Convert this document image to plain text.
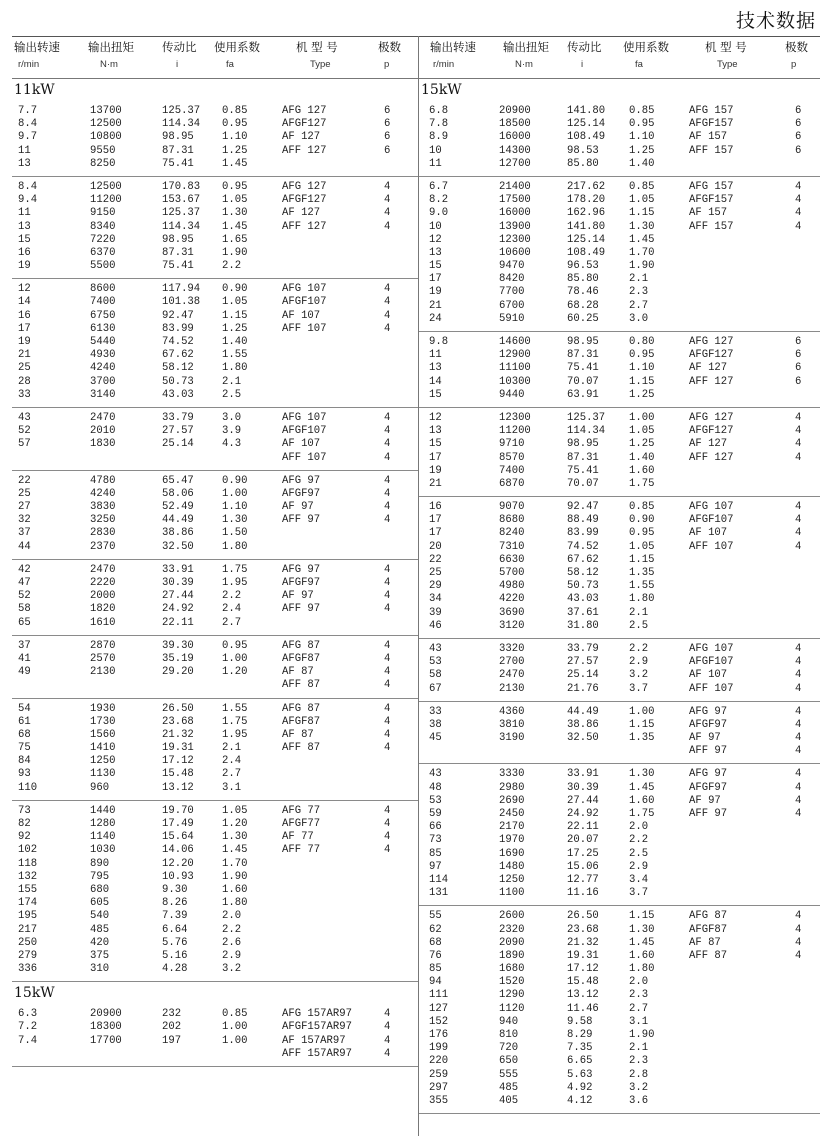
技术数据
输出转速
r/min
输出扭矩
N·m
传动比
i
使用系数
fa
机 型 号
Type
极数
p
11kW
7.7	13700	125.37 0.85	AFG 127	6
8.4	12500	114.34 0.95	AFGF127	6
9.7	10800	98.95	1.10	AF 127	6
11	9550	87.31	1.25	AFF 127	6
13	8250	75.41	1.45
8.4	12500	170.83 0.95	AFG 127	4
9.4	11200	153.67 1.05	AFGF127	4
11	9150	125.37 1.30	AF 127	4
13	8340	114.34 1.45	AFF 127	4
15	7220	98.95	1.65
16	6370	87.31	1.90
19	5500	75.41	2.2
12	8600	117.94 0.90	AFG 107	4
14	7400	101.38 1.05	AFGF107	4
16	6750	92.47	1.15	AF 107	4
17	6130	83.99	1.25	AFF 107	4
19	5440	74.52	1.40
21	4930	67.62	1.55
25	4240	58.12	1.80
28	3700	50.73	2.1
33	3140	43.03	2.5
43	2470	33.79	3.0	AFG 107	4
52	2010	27.57	3.9	AFGF107	4
57	1830	25.14	4.3	AF 107	4
AFF 107	4
22	4780	65.47	0.90	AFG 97	4
25	4240	58.06	1.00	AFGF97	4
27	3830	52.49	1.10	AF 97	4
32	3250	44.49	1.30	AFF 97	4
37	2830	38.86	1.50
44	2370	32.50	1.80
42	2470	33.91	1.75	AFG 97	4
47	2220	30.39	1.95	AFGF97	4
52	2000	27.44	2.2	AF 97	4
58	1820	24.92	2.4	AFF 97	4
65	1610	22.11	2.7
37	2870	39.30	0.95	AFG 87	4
41	2570	35.19	1.00	AFGF87	4
49	2130	29.20	1.20	AF 87	4
AFF 87	4
54	1930	26.50	1.55	AFG 87	4
61	1730	23.68	1.75	AFGF87	4
68	1560	21.32	1.95	AF 87	4
75	1410	19.31	2.1	AFF 87	4
84	1250	17.12	2.4
93	1130	15.48	2.7
110	960	13.12	3.1
73	1440	19.70	1.05	AFG 77	4
82	1280	17.49	1.20	AFGF77	4
92	1140	15.64	1.30	AF 77	4
102	1030	14.06	1.45	AFF 77	4
118	890	12.20	1.70
132	795	10.93	1.90
155	680	9.30	1.60
174	605	8.26	1.80
195	540	7.39	2.0
217	485	6.64	2.2
250	420	5.76	2.6
279	375	5.16	2.9
336	310	4.28	3.2
15kW
6.3	20900	232	0.85	AFG 157AR97	4
7.2	18300	202	1.00	AFGF157AR97	4
7.4	17700	197	1.00	AF 157AR97	4
AFF 157AR97	4
输出转速
r/min
输出扭矩
N·m
传动比
i
使用系数
fa
机 型 号
Type
极数
p
15kW
6.8	20900	141.80 0.85	AFG 157	6
7.8	18500	125.14 0.95	AFGF157	6
8.9	16000	108.49 1.10	AF 157	6
10	14300	98.53	1.25	AFF 157	6
11	12700	85.80	1.40
6.7	21400	217.62 0.85	AFG 157	4
8.2	17500	178.20 1.05	AFGF157	4
9.0	16000	162.96 1.15	AF 157	4
10	13900	141.80 1.30	AFF 157	4
12	12300	125.14 1.45
13	10600	108.49 1.70
15	9470	96.53	1.90
17	8420	85.80	2.1
19	7700	78.46	2.3
21	6700	68.28	2.7
24	5910	60.25	3.0
9.8	14600	98.95	0.80	AFG 127	6
11	12900	87.31	0.95	AFGF127	6
13	11100	75.41	1.10	AF 127	6
14	10300	70.07	1.15	AFF 127	6
15	9440	63.91	1.25
12	12300	125.37 1.00	AFG 127	4
13	11200	114.34 1.05	AFGF127	4
15	9710	98.95	1.25	AF 127	4
17	8570	87.31	1.40	AFF 127	4
19	7400	75.41	1.60
21	6870	70.07	1.75
16	9070	92.47	0.85	AFG 107	4
17	8680	88.49	0.90	AFGF107	4
17	8240	83.99	0.95	AF 107	4
20	7310	74.52	1.05	AFF 107	4
22	6630	67.62	1.15
25	5700	58.12	1.35
29	4980	50.73	1.55
34	4220	43.03	1.80
39	3690	37.61	2.1
46	3120	31.80	2.5
43	3320	33.79	2.2	AFG 107	4
53	2700	27.57	2.9	AFGF107	4
58	2470	25.14	3.2	AF 107	4
67	2130	21.76	3.7	AFF 107	4
33	4360	44.49	1.00	AFG 97	4
38	3810	38.86	1.15	AFGF97	4
45	3190	32.50	1.35	AF 97	4
AFF 97	4
43	3330	33.91	1.30	AFG 97	4
48	2980	30.39	1.45	AFGF97	4
53	2690	27.44	1.60	AF 97	4
59	2450	24.92	1.75	AFF 97	4
66	2170	22.11	2.0
73	1970	20.07	2.2
85	1690	17.25	2.5
97	1480	15.06	2.9
114	1250	12.77	3.4
131	1100	11.16	3.7
55	2600	26.50	1.15	AFG 87	4
62	2320	23.68	1.30	AFGF87	4
68	2090	21.32	1.45	AF 87	4
76	1890	19.31	1.60	AFF 87	4
85	1680	17.12	1.80
94	1520	15.48	2.0
111	1290	13.12	2.3
127	1120	11.46	2.7
152	940	9.58	3.1
176	810	8.29	1.90
199	720	7.35	2.1
220	650	6.65	2.3
259	555	5.63	2.8
297	485	4.92	3.2
355	405	4.12	3.6
